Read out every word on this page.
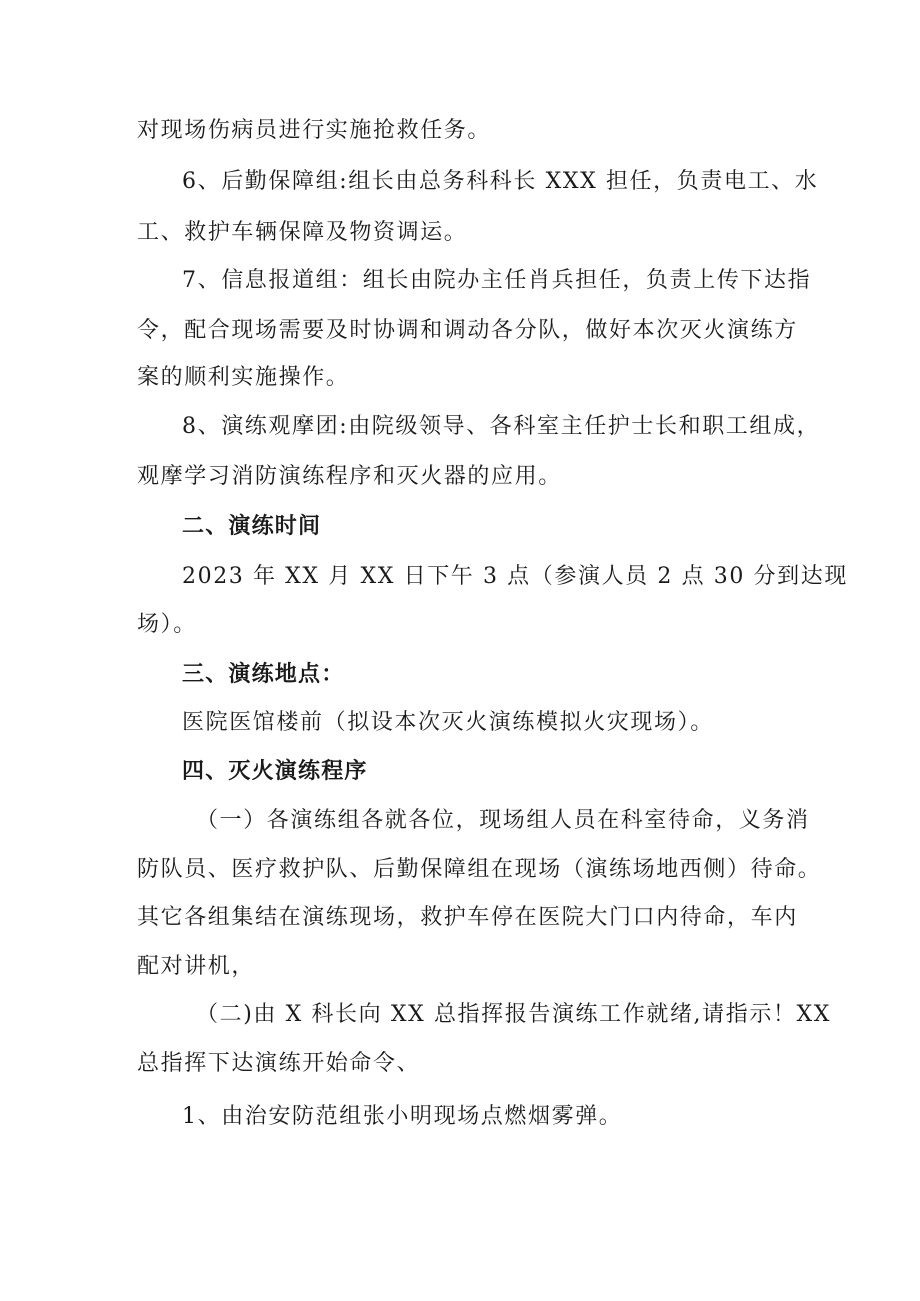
对现场伤病员进行实施抢救任务。
6、后勤保障组:组长由总务科科长 XXX 担任，负责电工、水
工、救护车辆保障及物资调运。
7、信息报道组：组长由院办主任肖兵担任，负责上传下达指
令，配合现场需要及时协调和调动各分队，做好本次灭火演练方
案的顺利实施操作。
8、演练观摩团:由院级领导、各科室主任护士长和职工组成，
观摩学习消防演练程序和灭火器的应用。
二、演练时间
2023 年 XX 月 XX 日下午 3 点（参演人员 2 点 30 分到达现
场）。
三、演练地点：
医院医馆楼前（拟设本次灭火演练模拟火灾现场）。
四、灭火演练程序
（一）各演练组各就各位，现场组人员在科室待命，义务消
防队员、医疗救护队、后勤保障组在现场（演练场地西侧）待命。
其它各组集结在演练现场，救护车停在医院大门口内待命，车内
配对讲机，
（二)由 X 科长向 XX 总指挥报告演练工作就绪,请指示！XX
总指挥下达演练开始命令、
1、由治安防范组张小明现场点燃烟雾弹。
